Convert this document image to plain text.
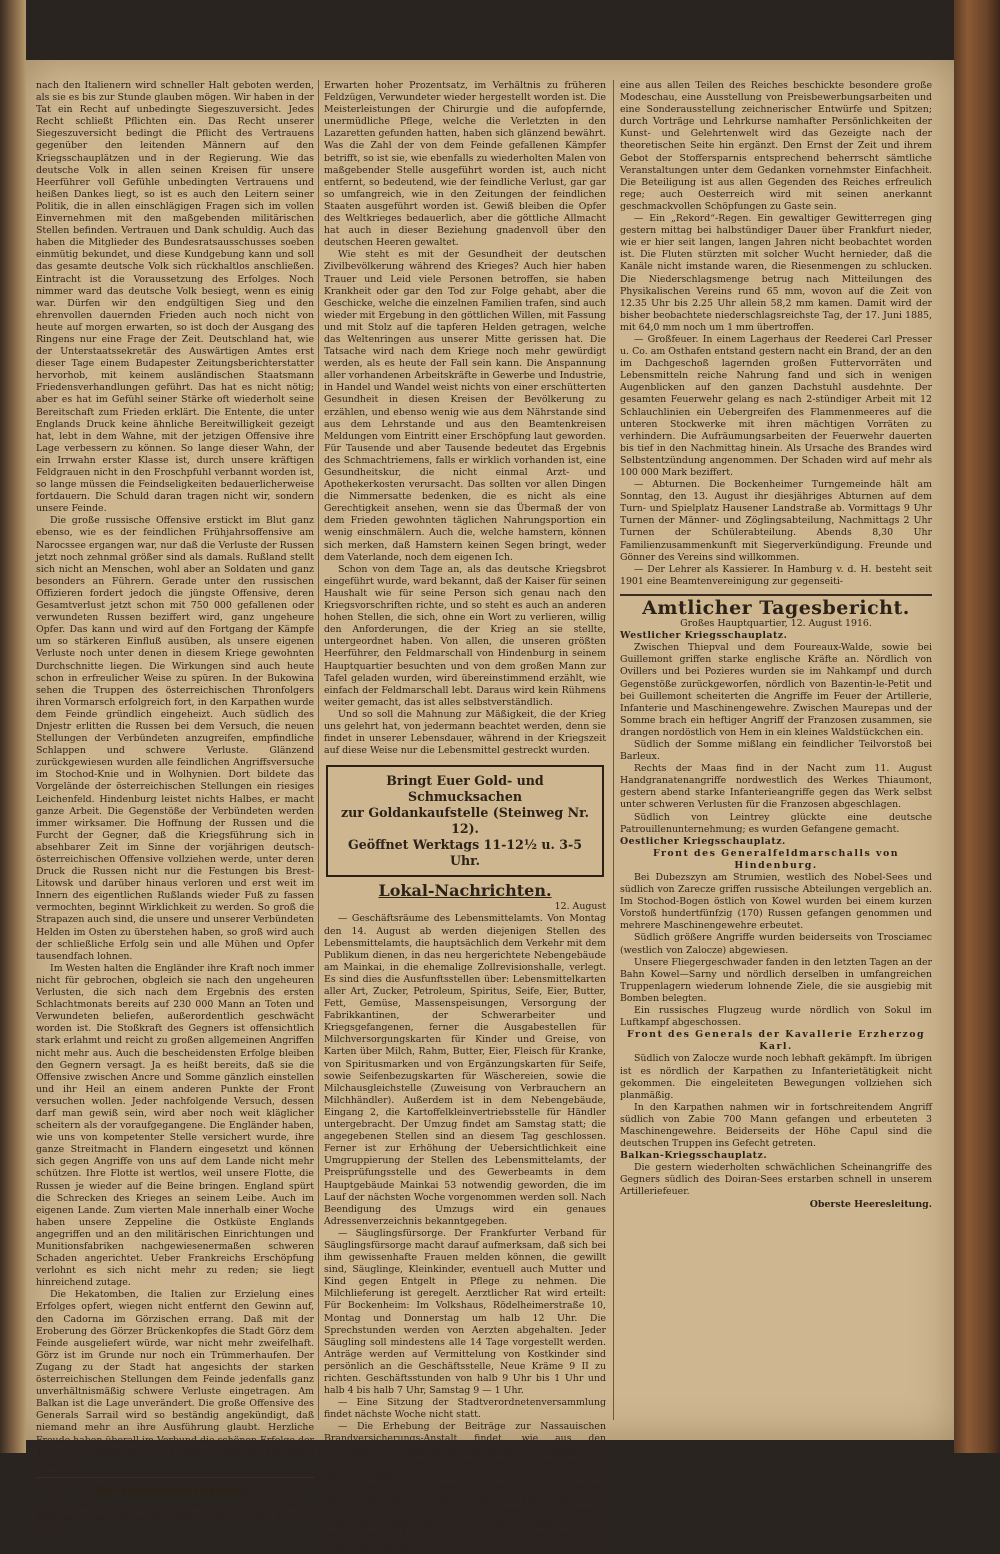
nach den Italienern wird schneller Halt geboten werden, als sie es bis zur Stunde glauben mögen. Wir haben in der Tat ein Recht auf unbedingte Siegeszuversicht. Jedes Recht schließt Pflichten ein. Das Recht unserer Siegeszuversicht bedingt die Pflicht des Vertrauens gegenüber den leitenden Männern auf den Kriegsschauplätzen und in der Regierung. Wie das deutsche Volk in allen seinen Kreisen für unsere Heerführer voll Gefühle unbedingten Vertrauens und heißen Dankes liegt, so ist es auch den Leitern seiner Politik, die in allen einschlägigen Fragen sich im vollen Einvernehmen mit den maßgebenden militärischen Stellen befinden. Vertrauen und Dank schuldig. Auch das haben die Mitglieder des Bundesratsausschusses soeben einmütig bekundet, und diese Kundgebung kann und soll das gesamte deutsche Volk sich rückhaltlos anschließen. Eintracht ist die Voraussetzung des Erfolges. Noch nimmer ward das deutsche Volk besiegt, wenn es einig war. Dürfen wir den endgültigen Sieg und den ehrenvollen dauernden Frieden auch noch nicht von heute auf morgen erwarten, so ist doch der Ausgang des Ringens nur eine Frage der Zeit. Deutschland hat, wie der Unterstaatssekretär des Auswärtigen Amtes erst dieser Tage einem Budapester Zeitungsberichterstatter hervorhob, mit keinem ausländischen Staatsmann Friedensverhandlungen geführt. Das hat es nicht nötig; aber es hat im Gefühl seiner Stärke oft wiederholt seine Bereitschaft zum Frieden erklärt. Die Entente, die unter Englands Druck keine ähnliche Bereitwilligkeit gezeigt hat, lebt in dem Wahne, mit der jetzigen Offensive ihre Lage verbessern zu können. So lange dieser Wahn, der ein Irrwahn erster Klasse ist, durch unsere kräftigen Feldgrauen nicht in den Froschpfuhl verbannt worden ist, so lange müssen die Feindseligkeiten bedauerlicherweise fortdauern. Die Schuld daran tragen nicht wir, sondern unsere Feinde.

Die große russische Offensive erstickt im Blut ganz ebenso, wie es der feindlichen Frühjahrsoffensive am Narocssee ergangen war, nur daß die Verluste der Russen jetzt noch zehnmal größer sind als damals. Rußland stellt sich nicht an Menschen, wohl aber an Soldaten und ganz besonders an Führern. Gerade unter den russischen Offizieren fordert jedoch die jüngste Offensive, deren Gesamtverlust jetzt schon mit 750 000 gefallenen oder verwundeten Russen beziffert wird, ganz ungeheure Opfer. Das kann und wird auf den Fortgang der Kämpfe um so stärkeren Einfluß ausüben, als unsere eigenen Verluste noch unter denen in diesem Kriege gewohnten Durchschnitte liegen. Die Wirkungen sind auch heute schon in erfreulicher Weise zu spüren. In der Bukowina sehen die Truppen des österreichischen Thronfolgers ihren Vormarsch erfolgreich fort, in den Karpathen wurde dem Feinde gründlich eingeheizt. Auch südlich des Dnjestr erlitten die Russen bei dem Versuch, die neuen Stellungen der Verbündeten anzugreifen, empfindliche Schlappen und schwere Verluste. Glänzend zurückgewiesen wurden alle feindlichen Angriffsversuche im Stochod-Knie und in Wolhynien. Dort bildete das Vorgelände der österreichischen Stellungen ein riesiges Leichenfeld. Hindenburg leistet nichts Halbes, er macht ganze Arbeit. Die Gegenstöße der Verbündeten werden immer wirksamer. Die Hoffnung der Russen und die Furcht der Gegner, daß die Kriegsführung sich in absehbarer Zeit im Sinne der vorjährigen deutsch-österreichischen Offensive vollziehen werde, unter deren Druck die Russen nicht nur die Festungen bis Brest-Litowsk und darüber hinaus verloren und erst weit im Innern des eigentlichen Rußlands wieder Fuß zu fassen vermochten, beginnt Wirklichkeit zu werden. So groß die Strapazen auch sind, die unsere und unserer Verbündeten Helden im Osten zu überstehen haben, so groß wird auch der schließliche Erfolg sein und alle Mühen und Opfer tausendfach lohnen.

Im Westen halten die Engländer ihre Kraft noch immer nicht für gebrochen, obgleich sie nach den ungeheuren Verlusten, die sich nach dem Ergebnis des ersten Schlachtmonats bereits auf 230 000 Mann an Toten und Verwundeten beliefen, außerordentlich geschwächt worden ist. Die Stoßkraft des Gegners ist offensichtlich stark erlahmt und reicht zu großen allgemeinen Angriffen nicht mehr aus. Auch die bescheidensten Erfolge bleiben den Gegnern versagt. Ja es heißt bereits, daß sie die Offensive zwischen Ancre und Somme gänzlich einstellen und ihr Heil an einem anderen Punkte der Front versuchen wollen. Jeder nachfolgende Versuch, dessen darf man gewiß sein, wird aber noch weit kläglicher scheitern als der voraufgegangene. Die Engländer haben, wie uns von kompetenter Stelle versichert wurde, ihre ganze Streitmacht in Flandern eingesetzt und können sich gegen Angriffe von uns auf dem Lande nicht mehr schützen. Ihre Flotte ist wertlos, weil unsere Flotte, die Russen je wieder auf die Beine bringen. England spürt die Schrecken des Krieges an seinem Leibe. Auch im eigenen Lande. Zum vierten Male innerhalb einer Woche haben unsere Zeppeline die Ostküste Englands angegriffen und an den militärischen Einrichtungen und Munitionsfabriken nachgewiesenermaßen schweren Schaden angerichtet. Ueber Frankreichs Erschöpfung verlohnt es sich nicht mehr zu reden; sie liegt hinreichend zutage.

Die Hekatomben, die Italien zur Erzielung eines Erfolges opfert, wiegen nicht entfernt den Gewinn auf, den Cadorna im Görzischen errang. Daß mit der Eroberung des Görzer Brückenkopfes die Stadt Görz dem Feinde ausgeliefert würde, war nicht mehr zweifelhaft. Görz ist im Grunde nur noch ein Trümmerhaufen. Der Zugang zu der Stadt hat angesichts der starken österreichischen Stellungen dem Feinde jedenfalls ganz unverhältnismäßig schwere Verluste eingetragen. Am Balkan ist die Lage unverändert. Die große Offensive des Generals Sarrail wird so beständig angekündigt, daß niemand mehr an ihre Ausführung glaubt. Herzliche Freude haben überall im Verbund die schönen Erfolge der Türken in Südpersien, im Kaukasus und am Suezkanal erweckt.

Kriegsgesundheit.

Von amtlicher Seite ist neulich erfreulicherweise abermals mitgeteilt worden, daß ein sehr großer Teil, ein über

Erwarten hoher Prozentsatz, im Verhältnis zu früheren Feldzügen, Verwundeter wieder hergestellt worden ist. Die Meisterleistungen der Chirurgie und die aufopfernde, unermüdliche Pflege, welche die Verletzten in den Lazaretten gefunden hatten, haben sich glänzend bewährt. Was die Zahl der von dem Feinde gefallenen Kämpfer betrifft, so ist sie, wie ebenfalls zu wiederholten Malen von maßgebender Stelle ausgeführt worden ist, auch nicht entfernt, so bedeutend, wie der feindliche Verlust, gar gar so umfangreich, wie in den Zeitungen der feindlichen Staaten ausgeführt worden ist. Gewiß bleiben die Opfer des Weltkrieges bedauerlich, aber die göttliche Allmacht hat auch in dieser Beziehung gnadenvoll über den deutschen Heeren gewaltet.

Wie steht es mit der Gesundheit der deutschen Zivilbevölkerung während des Krieges? Auch hier haben Trauer und Leid viele Personen betroffen, sie haben Krankheit oder gar den Tod zur Folge gehabt, aber die Geschicke, welche die einzelnen Familien trafen, sind auch wieder mit Ergebung in den göttlichen Willen, mit Fassung und mit Stolz auf die tapferen Helden getragen, welche das Weltenringen aus unserer Mitte gerissen hat. Die Tatsache wird nach dem Kriege noch mehr gewürdigt werden, als es heute der Fall sein kann. Die Anspannung aller vorhandenen Arbeitskräfte in Gewerbe und Industrie, in Handel und Wandel weist nichts von einer erschütterten Gesundheit in diesen Kreisen der Bevölkerung zu erzählen, und ebenso wenig wie aus dem Nährstande sind aus dem Lehrstande und aus den Beamtenkreisen Meldungen vom Eintritt einer Erschöpfung laut geworden. Für Tausende und aber Tausende bedeutet das Ergebnis des Schmachtriemens, falls er wirklich vorhanden ist, eine Gesundheitskur, die nicht einmal Arzt- und Apothekerkosten verursacht. Das sollten vor allen Dingen die Nimmersatte bedenken, die es nicht als eine Gerechtigkeit ansehen, wenn sie das Übermaß der von dem Frieden gewohnten täglichen Nahrungsportion ein wenig einschmälern. Auch die, welche hamstern, können sich merken, daß Hamstern keinen Segen bringt, weder dem Vaterlande, noch dem eigenen Ich.

Schon von dem Tage an, als das deutsche Kriegsbrot eingeführt wurde, ward bekannt, daß der Kaiser für seinen Haushalt wie für seine Person sich genau nach den Kriegsvorschriften richte, und so steht es auch an anderen hohen Stellen, die sich, ohne ein Wort zu verlieren, willig den Anforderungen, die der Krieg an sie stellte, untergeordnet haben. Von allen, die unseren größten Heerführer, den Feldmarschall von Hindenburg in seinem Hauptquartier besuchten und von dem großen Mann zur Tafel geladen wurden, wird übereinstimmend erzählt, wie einfach der Feldmarschall lebt. Daraus wird kein Rühmens weiter gemacht, das ist alles selbstverständlich.

Und so soll die Mahnung zur Mäßigkeit, die der Krieg uns gelehrt hat, von jedermann beachtet werden, denn sie findet in unserer Lebensdauer, während in der Kriegszeit auf diese Weise nur die Lebensmittel gestreckt wurden.

Bringt Euer Gold- und Schmucksachen
zur Goldankaufstelle (Steinweg Nr. 12).
Geöffnet Werktags 11-12½ u. 3-5 Uhr.
Lokal-Nachrichten.

12. August

— Geschäftsräume des Lebensmittelamts. Von Montag den 14. August ab werden diejenigen Stellen des Lebensmittelamts, die hauptsächlich dem Verkehr mit dem Publikum dienen, in das neu hergerichtete Nebengebäude am Mainkai, in die ehemalige Zollrevisionshalle, verlegt. Es sind dies die Ausfunftsstellen über: Lebensmittelkarten aller Art, Zucker, Petroleum, Spiritus, Seife, Eier, Butter, Fett, Gemüse, Massenspeisungen, Versorgung der Fabrikkantinen, der Schwerarbeiter und Kriegsgefangenen, ferner die Ausgabestellen für Milchversorgungskarten für Kinder und Greise, von Karten über Milch, Rahm, Butter, Eier, Fleisch für Kranke, von Spiritusmarken und von Ergänzungskarten für Seife, sowie Seifenbezugskarten für Wäschereien, sowie die Milchausgleichstelle (Zuweisung von Verbrauchern an Milchhändler). Außerdem ist in dem Nebengebäude, Eingang 2, die Kartoffelkleinvertriebsstelle für Händler untergebracht. Der Umzug findet am Samstag statt; die angegebenen Stellen sind an diesem Tag geschlossen. Ferner ist zur Erhöhung der Uebersichtlichkeit eine Umgruppierung der Stellen des Lebensmittelamts, der Preisprüfungsstelle und des Gewerbeamts in dem Hauptgebäude Mainkai 53 notwendig geworden, die im Lauf der nächsten Woche vorgenommen werden soll. Nach Beendigung des Umzugs wird ein genaues Adressenverzeichnis bekanntgegeben.

— Säuglingsfürsorge. Der Frankfurter Verband für Säuglingsfürsorge macht darauf aufmerksam, daß sich bei ihm gewissenhafte Frauen melden können, die gewillt sind, Säuglinge, Kleinkinder, eventuell auch Mutter und Kind gegen Entgelt in Pflege zu nehmen. Die Milchlieferung ist geregelt. Aerztlicher Rat wird erteilt: Für Bockenheim: Im Volkshaus, Rödelheimerstraße 10, Montag und Donnerstag um halb 12 Uhr. Die Sprechstunden werden von Aerzten abgehalten. Jeder Säugling soll mindestens alle 14 Tage vorgestellt werden. Anträge werden auf Vermittelung von Kostkinder sind persönlich an die Geschäftsstelle, Neue Kräme 9 II zu richten. Geschäftsstunden von halb 9 Uhr bis 1 Uhr und halb 4 bis halb 7 Uhr, Samstag 9 — 1 Uhr.

— Eine Sitzung der Stadtverordnetenversammlung findet nächste Woche nicht statt.

— Die Erhebung der Beiträge zur Nassauischen Brandversicherungs-Anstalt findet, wie aus den Inseratenteil ersichtlich, für den Stadtbezirk Bockenheim am 14. und 15. August d. J. im ehemaligen Bockenheimer Rathause statt.

— Frankfurter Modewoche. Vom 19. bis 28. August findet von dem Verband „Das einfache Kleid“ im Schumanntheater eine vom Modebund veranstaltete Modewoche statt, die sich zu einem künstlerisch wie gesellschaftlich bedeutenden Ereignis gestalten wird. Die Modewoche bringt

eine aus allen Teilen des Reiches beschickte besondere große Modeschau, eine Ausstellung von Preisbewerbungsarbeiten und eine Sonderausstellung zeichnerischer Entwürfe und Spitzen; durch Vorträge und Lehrkurse namhafter Persönlichkeiten der Kunst- und Gelehrtenwelt wird das Gezeigte nach der theoretischen Seite hin ergänzt. Den Ernst der Zeit und ihrem Gebot der Stoffersparnis entsprechend beherrscht sämtliche Veranstaltungen unter dem Gedanken vornehmster Einfachheit. Die Beteiligung ist aus allen Gegenden des Reiches erfreulich rege; auch Oesterreich wird mit seinen anerkannt geschmackvollen Schöpfungen zu Gaste sein.

— Ein „Rekord“-Regen. Ein gewaltiger Gewitterregen ging gestern mittag bei halbstündiger Dauer über Frankfurt nieder, wie er hier seit langen, langen Jahren nicht beobachtet worden ist. Die Fluten stürzten mit solcher Wucht hernieder, daß die Kanäle nicht imstande waren, die Riesenmengen zu schlucken. Die Niederschlagsmenge betrug nach Mitteilungen des Physikalischen Vereins rund 65 mm, wovon auf die Zeit von 12.35 Uhr bis 2.25 Uhr allein 58,2 mm kamen. Damit wird der bisher beobachtete niederschlagsreichste Tag, der 17. Juni 1885, mit 64,0 mm noch um 1 mm übertroffen.

— Großfeuer. In einem Lagerhaus der Reederei Carl Presser u. Co. am Osthafen entstand gestern nacht ein Brand, der an den im Dachgeschoß lagernden großen Futtervorräten und Lebensmitteln reiche Nahrung fand und sich in wenigen Augenblicken auf den ganzen Dachstuhl ausdehnte. Der gesamten Feuerwehr gelang es nach 2-stündiger Arbeit mit 12 Schlauchlinien ein Uebergreifen des Flammenmeeres auf die unteren Stockwerke mit ihren mächtigen Vorräten zu verhindern. Die Aufräumungsarbeiten der Feuerwehr dauerten bis tief in den Nachmittag hinein. Als Ursache des Brandes wird Selbstentzündung angenommen. Der Schaden wird auf mehr als 100 000 Mark beziffert.

— Abturnen. Die Bockenheimer Turngemeinde hält am Sonntag, den 13. August ihr diesjähriges Abturnen auf dem Turn- und Spielplatz Hausener Landstraße ab. Vormittags 9 Uhr Turnen der Männer- und Zöglingsabteilung, Nachmittags 2 Uhr Turnen der Schülerabteilung. Abends 8,30 Uhr Familienzusammenkunft mit Siegerverkündigung. Freunde und Gönner des Vereins sind willkommen.

— Der Lehrer als Kassierer. In Hamburg v. d. H. besteht seit 1901 eine Beamtenvereinigung zur gegenseiti-

Amtlicher Tagesbericht.

Großes Hauptquartier, 12. August 1916.

Westlicher Kriegsschauplatz.

Zwischen Thiepval und dem Foureaux-Walde, sowie bei Guillemont griffen starke englische Kräfte an. Nördlich von Ovillers und bei Pozieres wurden sie im Nahkampf und durch Gegenstöße zurückgeworfen, nördlich von Bazentin-le-Petit und bei Guillemont scheiterten die Angriffe im Feuer der Artillerie, Infanterie und Maschinengewehre. Zwischen Maurepas und der Somme brach ein heftiger Angriff der Franzosen zusammen, sie drangen nordöstlich von Hem in ein kleines Waldstückchen ein.

Südlich der Somme mißlang ein feindlicher Teilvorstoß bei Barleux.

Rechts der Maas find in der Nacht zum 11. August Handgranatenangriffe nordwestlich des Werkes Thiaumont, gestern abend starke Infanterieangriffe gegen das Werk selbst unter schweren Verlusten für die Franzosen abgeschlagen.

Südlich von Leintrey glückte eine deutsche Patrouillenunternehmung; es wurden Gefangene gemacht.

Oestlicher Kriegsschauplatz.

Front des Generalfeldmarschalls von Hindenburg.

Bei Dubezszyn am Strumien, westlich des Nobel-Sees und südlich von Zarecze griffen russische Abteilungen vergeblich an. Im Stochod-Bogen östlich von Kowel wurden bei einem kurzen Vorstoß hundertfünfzig (170) Russen gefangen genommen und mehrere Maschinengewehre erbeutet.

Südlich größere Angriffe wurden beiderseits von Trosciamec (westlich von Zalocze) abgewiesen.

Unsere Fliegergeschwader fanden in den letzten Tagen an der Bahn Kowel—Sarny und nördlich derselben in umfangreichen Truppenlagern wiederum lohnende Ziele, die sie ausgiebig mit Bomben belegten.

Ein russisches Flugzeug wurde nördlich von Sokul im Luftkampf abgeschossen.

Front des Generals der Kavallerie Erzherzog Karl.

Südlich von Zalocze wurde noch lebhaft gekämpft. Im übrigen ist es nördlich der Karpathen zu Infanterietätigkeit nicht gekommen. Die eingeleiteten Bewegungen vollziehen sich planmäßig.

In den Karpathen nahmen wir in fortschreitendem Angriff südlich von Zabie 700 Mann gefangen und erbeuteten 3 Maschinengewehre. Beiderseits der Höhe Capul sind die deutschen Truppen ins Gefecht getreten.

Balkan-Kriegsschauplatz.

Die gestern wiederholten schwächlichen Scheinangriffe des Gegners südlich des Doiran-Sees erstarben schnell in unserem Artilleriefeuer.

Oberste Heeresleitung.
